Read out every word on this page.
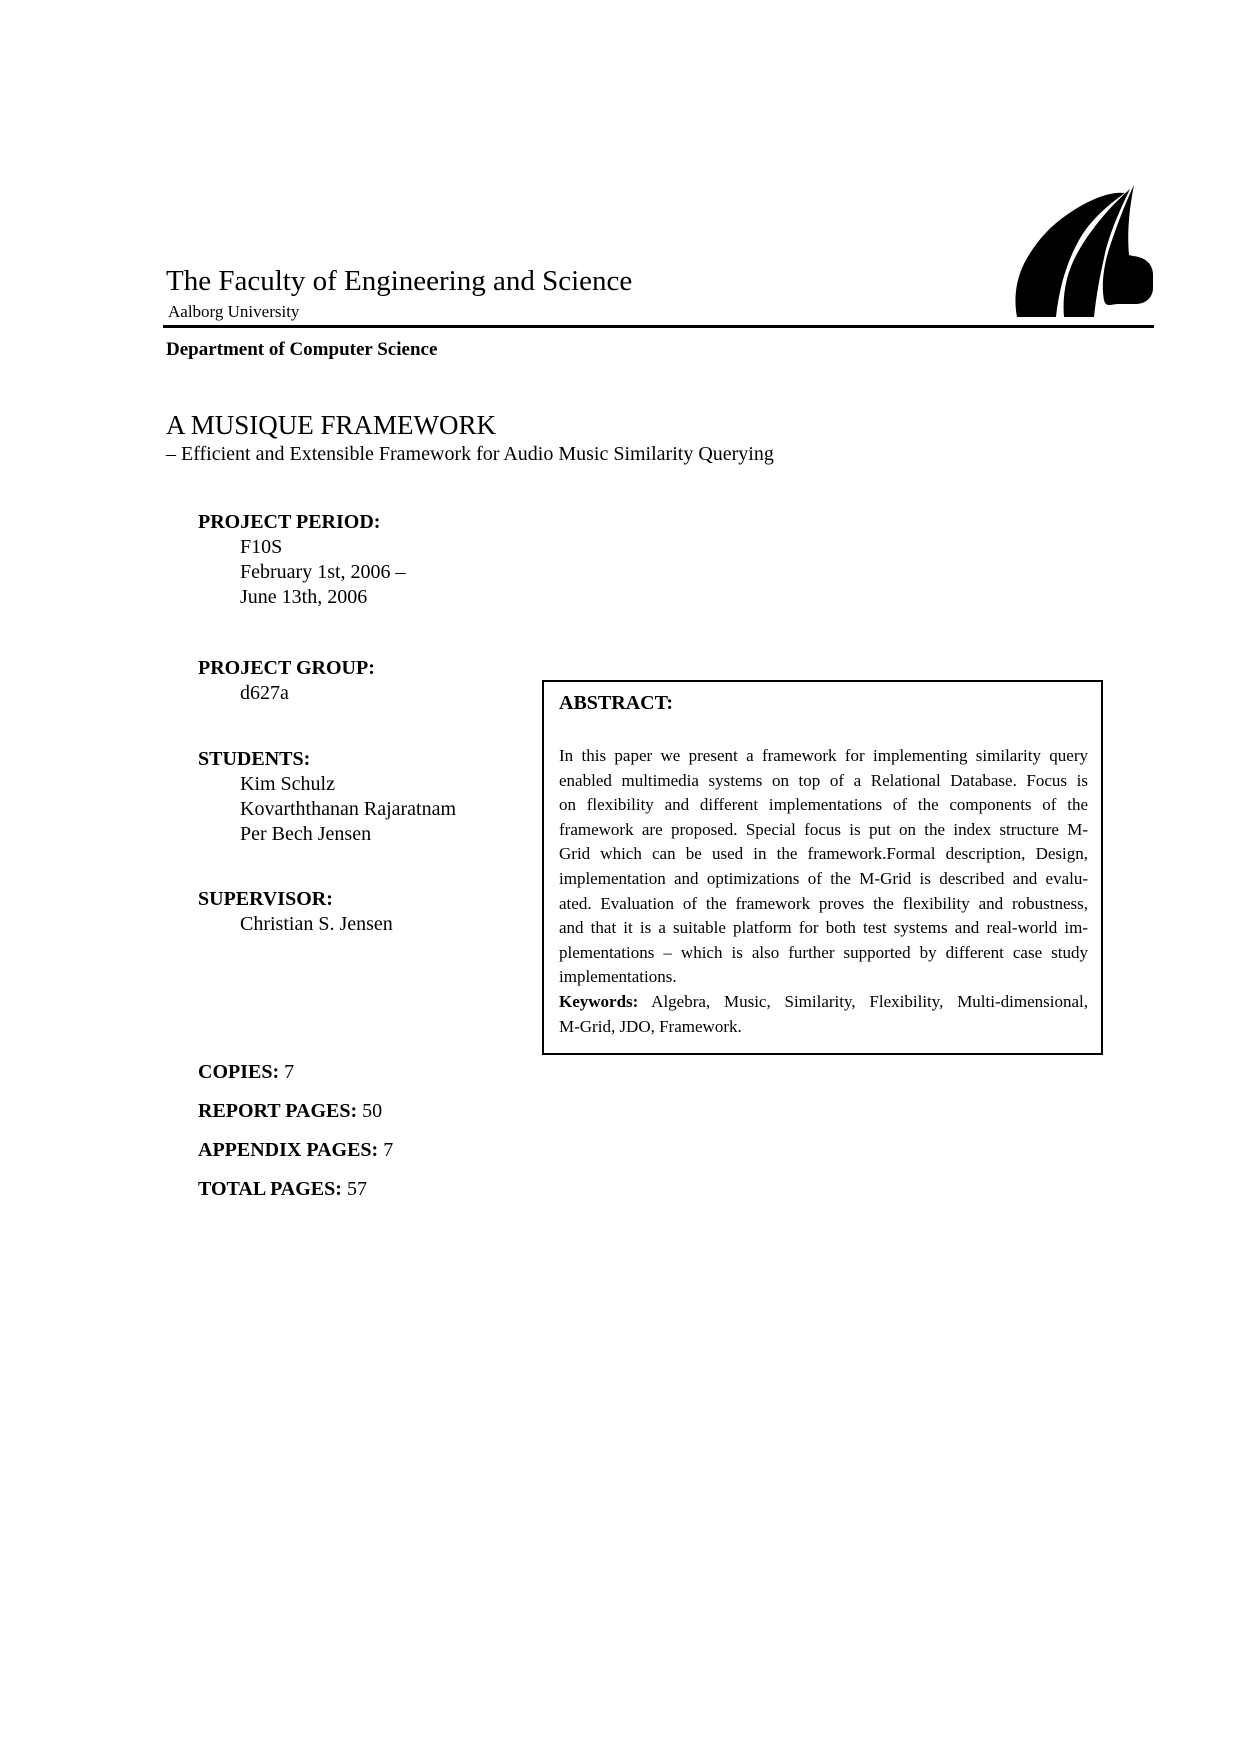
The Faculty of Engineering and Science
Aalborg University
Department of Computer Science
A MUSIQUE FRAMEWORK
– Efficient and Extensible Framework for Audio Music Similarity Querying
PROJECT PERIOD:
F10S
February 1st, 2006 –
June 13th, 2006
PROJECT GROUP:
d627a
STUDENTS:
Kim Schulz
Kovarththanan Rajaratnam
Per Bech Jensen
SUPERVISOR:
Christian S. Jensen
ABSTRACT:
In this paper we present a framework for implementing similarity query
enabled multimedia systems on top of a Relational Database. Focus is
on flexibility and different implementations of the components of the
framework are proposed. Special focus is put on the index structure M-
Grid which can be used in the framework.Formal description, Design,
implementation and optimizations of the M-Grid is described and evalu-
ated. Evaluation of the framework proves the flexibility and robustness,
and that it is a suitable platform for both test systems and real-world im-
plementations – which is also further supported by different case study
implementations.
Keywords: Algebra, Music, Similarity, Flexibility, Multi-dimensional,
M-Grid, JDO, Framework.
COPIES: 7
REPORT PAGES: 50
APPENDIX PAGES: 7
TOTAL PAGES: 57
